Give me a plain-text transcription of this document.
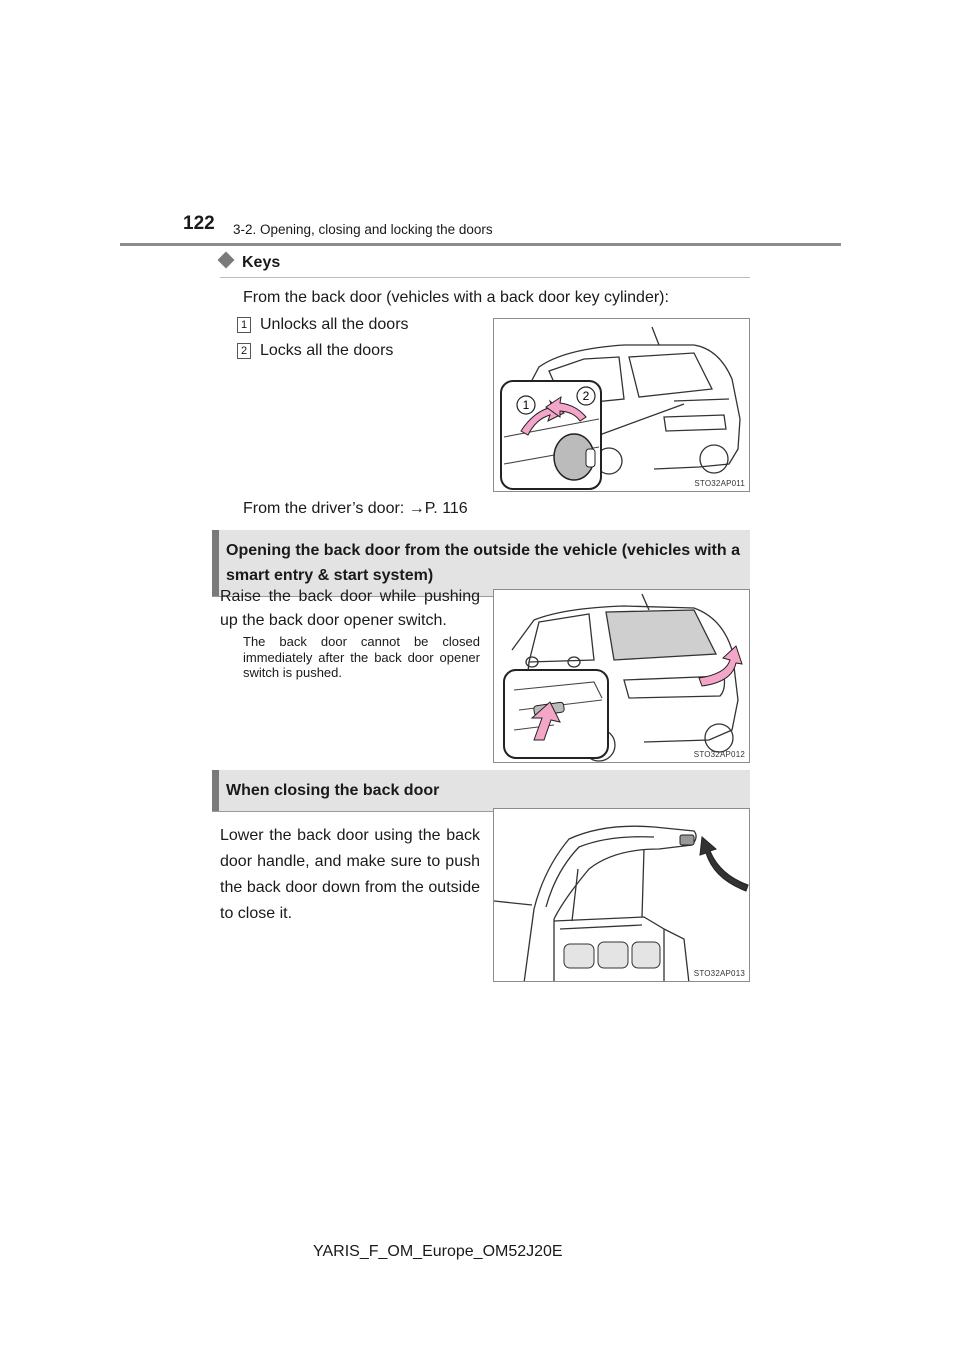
122 3-2. Opening, closing and locking the doors
Keys
From the back door (vehicles with a back door key cylinder):
1 Unlocks all the doors
2 Locks all the doors
1
2
STO32AP011
From the driver’s door: →P. 116
Opening the back door from the outside the vehicle (vehicles with a smart entry & start system)
Raise the back door while pushing up the back door opener switch.
The back door cannot be closed immediately after the back door opener switch is pushed.
STO32AP012
When closing the back door
Lower the back door using the back door handle, and make sure to push the back door down from the outside to close it.
STO32AP013
YARIS_F_OM_Europe_OM52J20E
